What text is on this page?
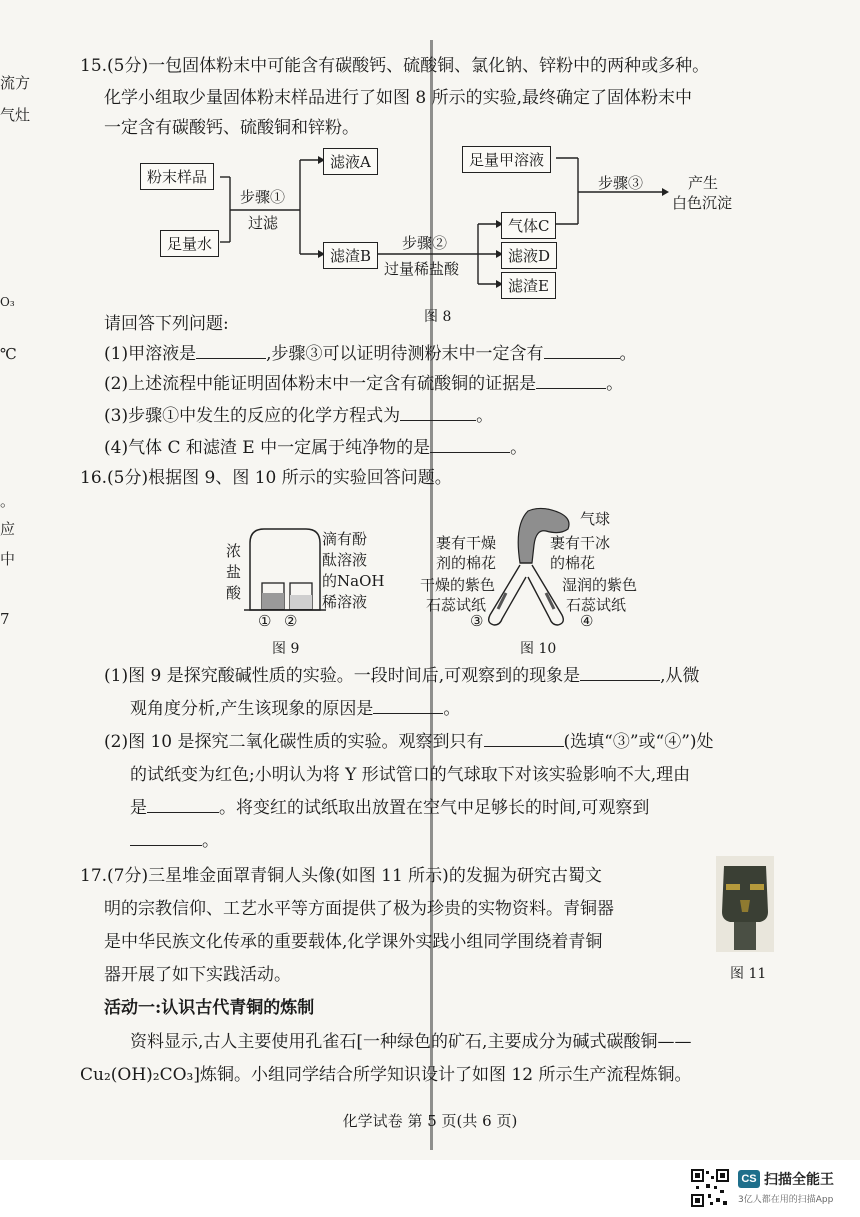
流方
气灶
O₃
℃
。
应
中
7
15.(5分)一包固体粉末中可能含有碳酸钙、硫酸铜、氯化钠、锌粉中的两种或多种。
化学小组取少量固体粉末样品进行了如图 8 所示的实验,最终确定了固体粉末中
一定含有碳酸钙、硫酸铜和锌粉。
粉末样品
足量水
步骤①
过滤
滤液A
滤渣B
步骤②
过量稀盐酸
气体C
滤液D
滤渣E
足量甲溶液
步骤③	产生
白色沉淀
图 8
请回答下列问题:
(1)甲溶液是	,步骤③可以证明待测粉末中一定含有	。
(2)上述流程中能证明固体粉末中一定含有硫酸铜的证据是	。
(3)步骤①中发生的反应的化学方程式为	。
(4)气体 C 和滤渣 E 中一定属于纯净物的是	。
16.(5分)根据图 9、图 10 所示的实验回答问题。
浓
盐
酸
滴有酚
酞溶液
的NaOH
稀溶液
① ②
图 9
气球
裹有干燥
剂的棉花
裹有干冰
的棉花
干燥的紫色
石蕊试纸
湿润的紫色
石蕊试纸
③	④
图 10
(1)图 9 是探究酸碱性质的实验。一段时间后,可观察到的现象是	,从微
观角度分析,产生该现象的原因是	。
(2)图 10 是探究二氧化碳性质的实验。观察到只有	(选填“③”或“④”)处
的试纸变为红色;小明认为将 Y 形试管口的气球取下对该实验影响不大,理由
是	。将变红的试纸取出放置在空气中足够长的时间,可观察到
。
17.(7分)三星堆金面罩青铜人头像(如图 11 所示)的发掘为研究古蜀文
明的宗教信仰、工艺水平等方面提供了极为珍贵的实物资料。青铜器
是中华民族文化传承的重要载体,化学课外实践小组同学围绕着青铜
器开展了如下实践活动。	图 11
活动一:认识古代青铜的炼制
资料显示,古人主要使用孔雀石[一种绿色的矿石,主要成分为碱式碳酸铜——
Cu₂(OH)₂CO₃]炼铜。小组同学结合所学知识设计了如图 12 所示生产流程炼铜。
化学试卷 第 5 页(共 6 页)
CS 扫描全能王
3亿人都在用的扫描App
